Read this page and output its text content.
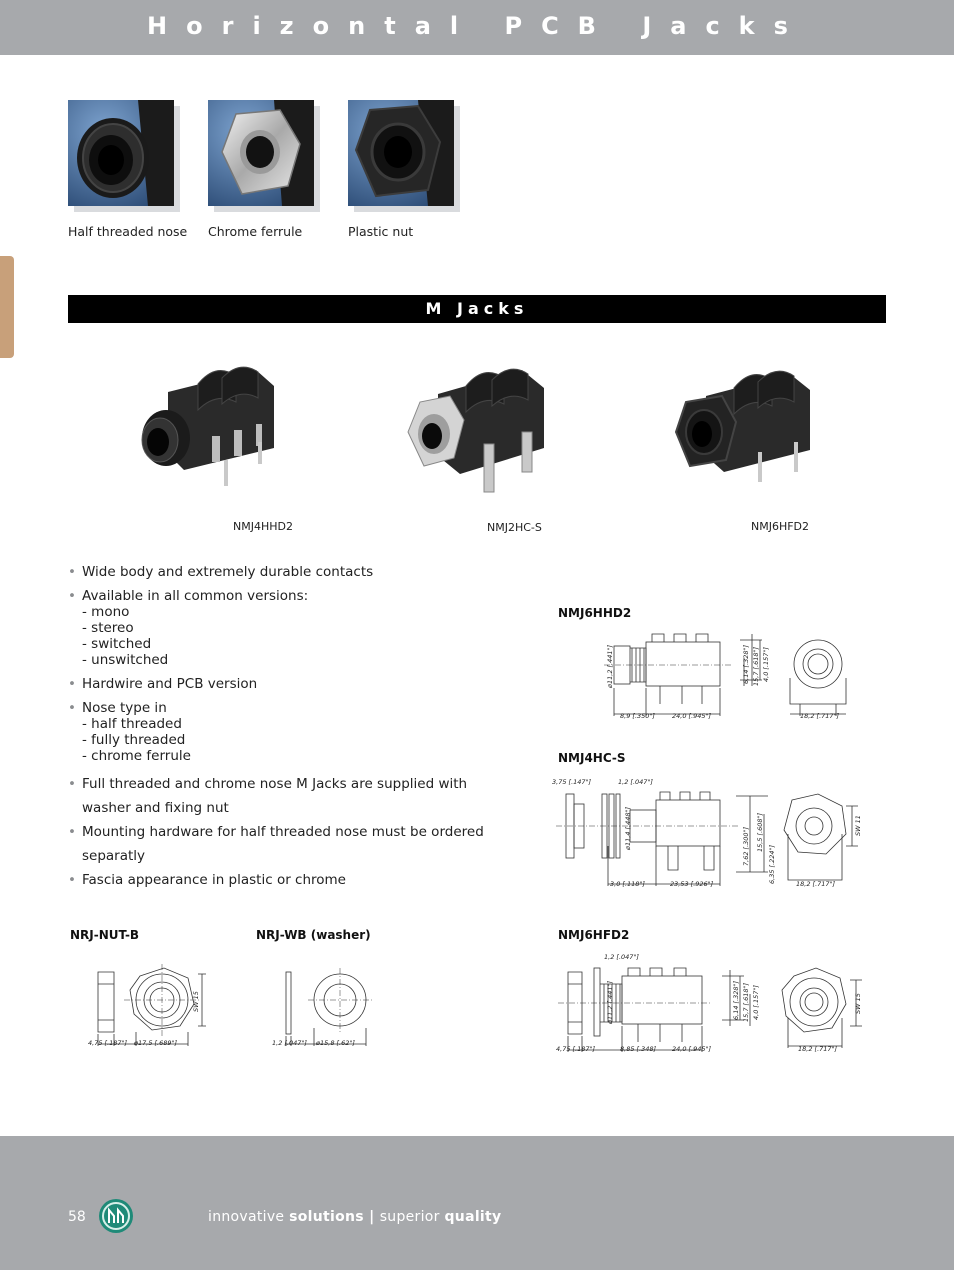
Horizontal PCB Jacks
Half threaded nose Chrome ferrule	Plastic nut
M Jacks
NMJ4HHD2	NMJ2HC-S	NMJ6HFD2
• Wide body and extremely durable contacts
• Available in all common versions:
- mono
- stereo
- switched
- unswitched
• Hardwire and PCB version
• Nose type in
- half threaded
- fully threaded
- chrome ferrule
• Full threaded and chrome nose M Jacks are supplied with washer and fixing nut
• Mounting hardware for half threaded nose must be ordered separatly
• Fascia appearance in plastic or chrome
NMJ6HHD2
8,9 [.350"]	24,0 [.945"]	18,2 [.717"]
ø11,2 [.441"]	6,14 [.328"] 15,7 [.618"] 4,0 [.157"]
NMJ4HC-S
3,75 [.147"]	1,2 [.047"]
3,0 [.118"]	23,53 [.926"]	18,2 [.717"]
ø11,4 [.448"]	7,62 [.300"] 15,5 [.608"]
6,35 [.224"]
SW 11
NRJ-NUT-B
4,75 [.187"] ø17,5 [.689"]
SW 15
NRJ-WB (washer)
1,2 [.047"] ø15,8 [.62"]
NMJ6HFD2
1,2 [.047"]
4,75 [.187"]	8,85 [.348] 24,0 [.945"]	18,2 [.717"]
ø11,2 [.441"]	6,14 [.328"] 15,7 [.618"] 4,0 [.157"]	SW 15
58	innovative solutions | superior quality
